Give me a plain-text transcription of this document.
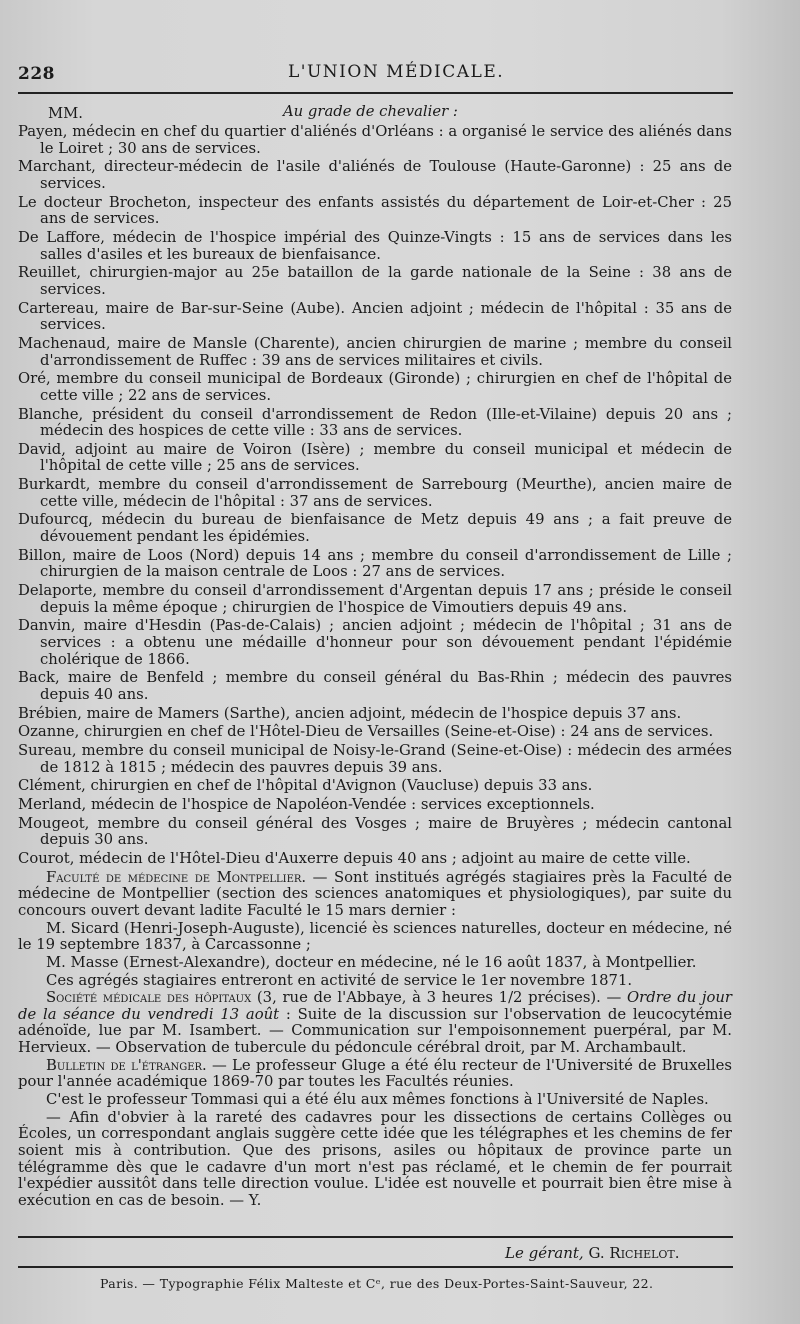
228	L'UNION MÉDICALE.
MM.	Au grade de chevalier :

Payen, médecin en chef du quartier d'aliénés d'Orléans : a organisé le service des aliénés dans le Loiret ; 30 ans de services.

Marchant, directeur-médecin de l'asile d'aliénés de Toulouse (Haute-Garonne) : 25 ans de services.

Le docteur Brocheton, inspecteur des enfants assistés du département de Loir-et-Cher : 25 ans de services.

De Laffore, médecin de l'hospice impérial des Quinze-Vingts : 15 ans de services dans les salles d'asiles et les bureaux de bienfaisance.

Reuillet, chirurgien-major au 25e bataillon de la garde nationale de la Seine : 38 ans de services.

Cartereau, maire de Bar-sur-Seine (Aube). Ancien adjoint ; médecin de l'hôpital : 35 ans de services.

Machenaud, maire de Mansle (Charente), ancien chirurgien de marine ; membre du conseil d'arrondissement de Ruffec : 39 ans de services militaires et civils.

Oré, membre du conseil municipal de Bordeaux (Gironde) ; chirurgien en chef de l'hôpital de cette ville ; 22 ans de services.

Blanche, président du conseil d'arrondissement de Redon (Ille-et-Vilaine) depuis 20 ans ; médecin des hospices de cette ville : 33 ans de services.

David, adjoint au maire de Voiron (Isère) ; membre du conseil municipal et médecin de l'hôpital de cette ville ; 25 ans de services.

Burkardt, membre du conseil d'arrondissement de Sarrebourg (Meurthe), ancien maire de cette ville, médecin de l'hôpital : 37 ans de services.

Dufourcq, médecin du bureau de bienfaisance de Metz depuis 49 ans ; a fait preuve de dévouement pendant les épidémies.

Billon, maire de Loos (Nord) depuis 14 ans ; membre du conseil d'arrondissement de Lille ; chirurgien de la maison centrale de Loos : 27 ans de services.

Delaporte, membre du conseil d'arrondissement d'Argentan depuis 17 ans ; préside le conseil depuis la même époque ; chirurgien de l'hospice de Vimoutiers depuis 49 ans.

Danvin, maire d'Hesdin (Pas-de-Calais) ; ancien adjoint ; médecin de l'hôpital ; 31 ans de services : a obtenu une médaille d'honneur pour son dévouement pendant l'épidémie cholérique de 1866.

Back, maire de Benfeld ; membre du conseil général du Bas-Rhin ; médecin des pauvres depuis 40 ans.

Brébien, maire de Mamers (Sarthe), ancien adjoint, médecin de l'hospice depuis 37 ans.

Ozanne, chirurgien en chef de l'Hôtel-Dieu de Versailles (Seine-et-Oise) : 24 ans de services.

Sureau, membre du conseil municipal de Noisy-le-Grand (Seine-et-Oise) : médecin des armées de 1812 à 1815 ; médecin des pauvres depuis 39 ans.

Clément, chirurgien en chef de l'hôpital d'Avignon (Vaucluse) depuis 33 ans.

Merland, médecin de l'hospice de Napoléon-Vendée : services exceptionnels.

Mougeot, membre du conseil général des Vosges ; maire de Bruyères ; médecin cantonal depuis 30 ans.

Courot, médecin de l'Hôtel-Dieu d'Auxerre depuis 40 ans ; adjoint au maire de cette ville.

Faculté de médecine de Montpellier. — Sont institués agrégés stagiaires près la Faculté de médecine de Montpellier (section des sciences anatomiques et physiologiques), par suite du concours ouvert devant ladite Faculté le 15 mars dernier :

M. Sicard (Henri-Joseph-Auguste), licencié ès sciences naturelles, docteur en médecine, né le 19 septembre 1837, à Carcassonne ;

M. Masse (Ernest-Alexandre), docteur en médecine, né le 16 août 1837, à Montpellier.

Ces agrégés stagiaires entreront en activité de service le 1er novembre 1871.

Société médicale des hôpitaux (3, rue de l'Abbaye, à 3 heures 1/2 précises). — Ordre du jour de la séance du vendredi 13 août : Suite de la discussion sur l'observation de leucocytémie adénoïde, lue par M. Isambert. — Communication sur l'empoisonnement puerpéral, par M. Hervieux. — Observation de tubercule du pédoncule cérébral droit, par M. Archambault.

Bulletin de l'étranger. — Le professeur Gluge a été élu recteur de l'Université de Bruxelles pour l'année académique 1869-70 par toutes les Facultés réunies.

C'est le professeur Tommasi qui a été élu aux mêmes fonctions à l'Université de Naples.

— Afin d'obvier à la rareté des cadavres pour les dissections de certains Collèges ou Écoles, un correspondant anglais suggère cette idée que les télégraphes et les chemins de fer soient mis à contribution. Que des prisons, asiles ou hôpitaux de province parte un télégramme dès que le cadavre d'un mort n'est pas réclamé, et le chemin de fer pourrait l'expédier aussitôt dans telle direction voulue. L'idée est nouvelle et pourrait bien être mise à exécution en cas de besoin. — Y.

Le gérant, G. Richelot.
Paris. — Typographie Félix Malteste et Cᵉ, rue des Deux-Portes-Saint-Sauveur, 22.
